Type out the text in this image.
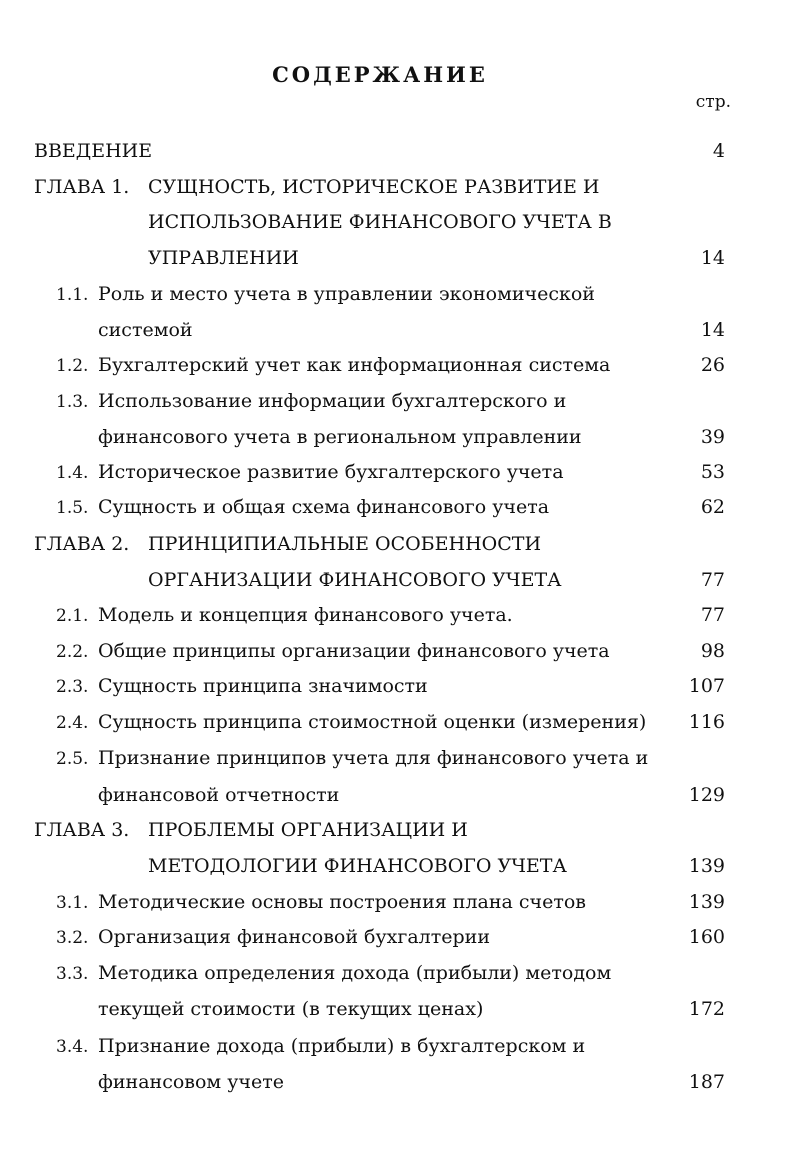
СОДЕРЖАНИЕ
стр.
ВВЕДЕНИЕ	4
ГЛАВА 1. СУЩНОСТЬ, ИСТОРИЧЕСКОЕ РАЗВИТИЕ И
ИСПОЛЬЗОВАНИЕ ФИНАНСОВОГО УЧЕТА В
УПРАВЛЕНИИ	14
1.1. Роль и место учета в управлении экономической
системой	14
1.2. Бухгалтерский учет как информационная система	26
1.3. Использование информации бухгалтерского и
финансового учета в региональном управлении	39
1.4. Историческое развитие бухгалтерского учета	53
1.5. Сущность и общая схема финансового учета	62
ГЛАВА 2. ПРИНЦИПИАЛЬНЫЕ ОСОБЕННОСТИ
ОРГАНИЗАЦИИ ФИНАНСОВОГО УЧЕТА	77
2.1. Модель и концепция финансового учета.	77
2.2. Общие принципы организации финансового учета	98
2.3. Сущность принципа значимости	107
2.4. Сущность принципа стоимостной оценки (измерения)	116
2.5. Признание принципов учета для финансового учета и
финансовой отчетности	129
ГЛАВА 3. ПРОБЛЕМЫ ОРГАНИЗАЦИИ И
МЕТОДОЛОГИИ ФИНАНСОВОГО УЧЕТА	139
3.1. Методические основы построения плана счетов	139
3.2. Организация финансовой бухгалтерии	160
3.3. Методика определения дохода (прибыли) методом
текущей стоимости (в текущих ценах)	172
3.4. Признание дохода (прибыли) в бухгалтерском и
финансовом учете	187
